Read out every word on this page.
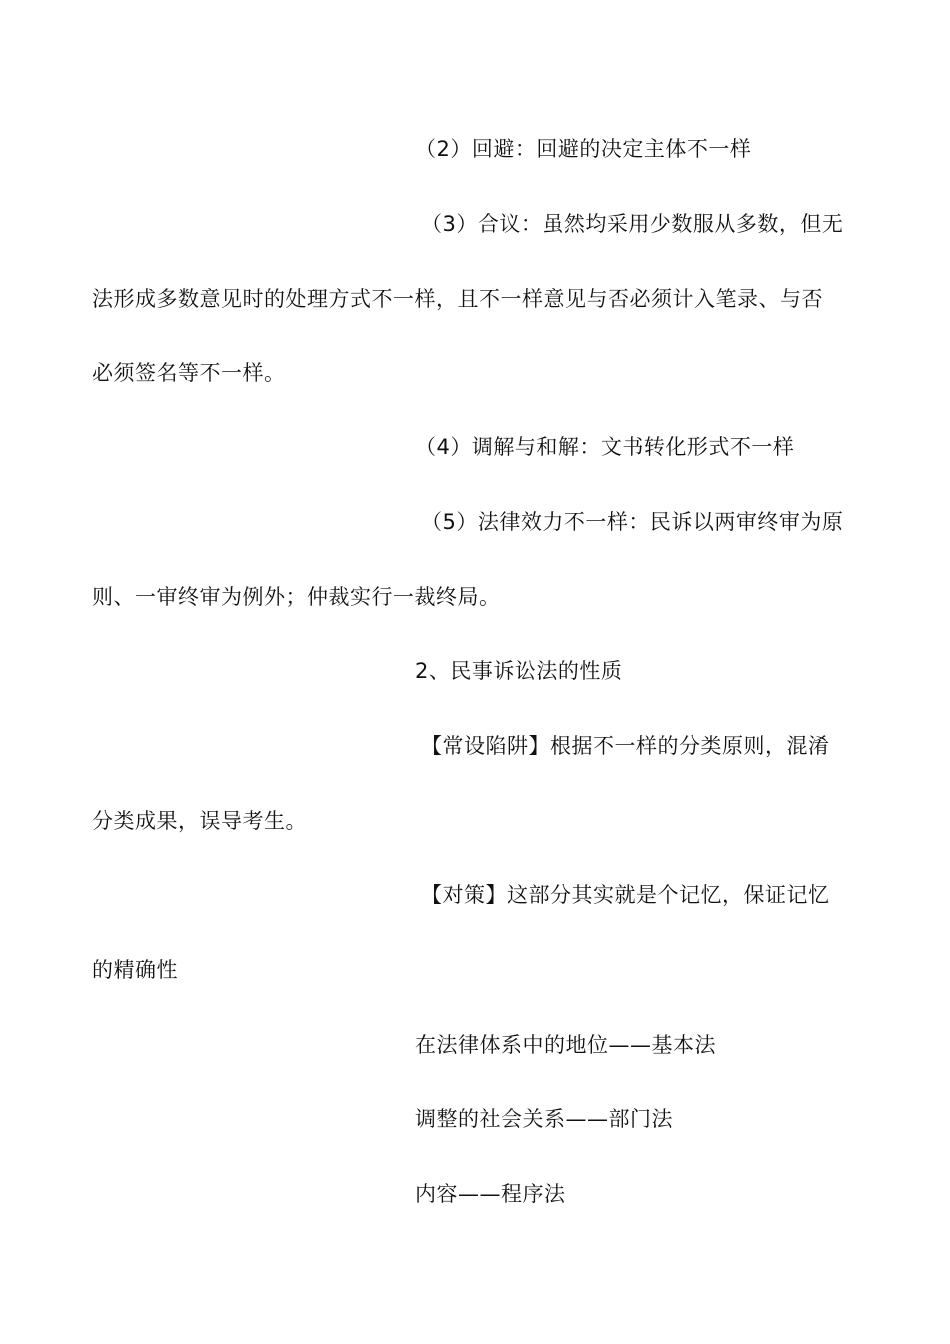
（2）回避：回避的决定主体不一样
（3）合议：虽然均采用少数服从多数，但无
法形成多数意见时的处理方式不一样，且不一样意见与否必须计入笔录、与否
必须签名等不一样。
（4）调解与和解：文书转化形式不一样
（5）法律效力不一样：民诉以两审终审为原
则、一审终审为例外；仲裁实行一裁终局。
2、民事诉讼法的性质
【常设陷阱】根据不一样的分类原则，混淆
分类成果，误导考生。
【对策】这部分其实就是个记忆，保证记忆
的精确性
在法律体系中的地位——基本法
调整的社会关系——部门法
内容——程序法
